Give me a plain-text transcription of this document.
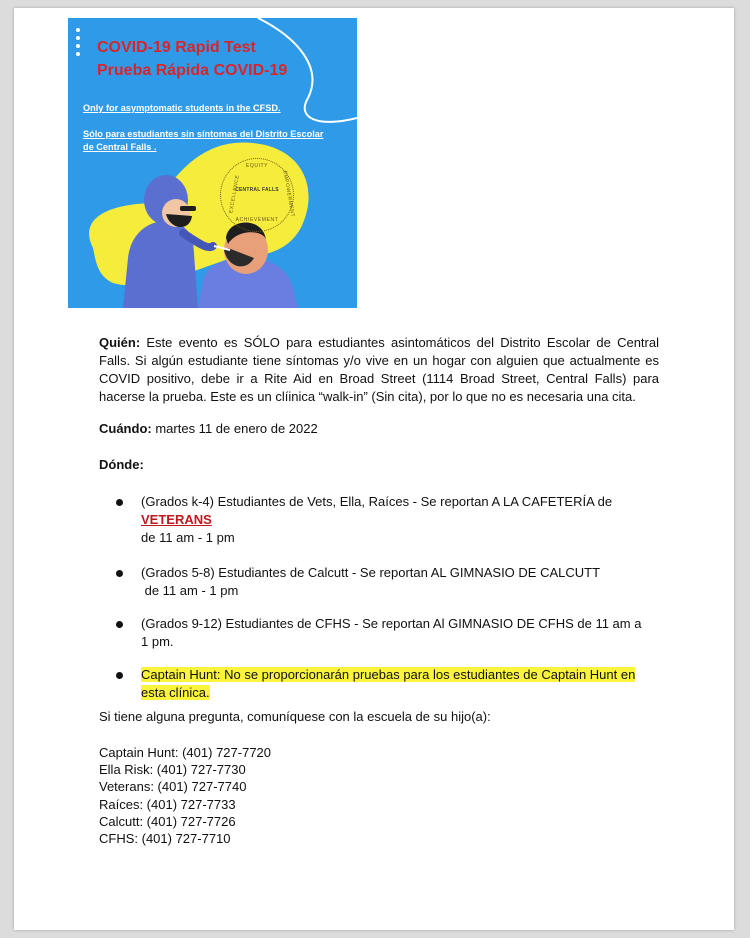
COVID-19 Rapid Test
Prueba Rápida COVID-19
Only for asymptomatic students in the CFSD.
Sólo para estudiantes sin síntomas del Distrito Escolar de Central Falls .
EQUITY
EXCELLENCE	EMPOWERMENT
CENTRAL FALLS
ACHIEVEMENT
Quién: Este evento es SÓLO para estudiantes asintomáticos del Distrito Escolar de Central Falls. Si algún estudiante tiene síntomas y/o vive en un hogar con alguien que actualmente es COVID positivo, debe ir a Rite Aid en Broad Street (1114 Broad Street, Central Falls) para hacerse la prueba. Este es un clíinica “walk-in” (Sin cita), por lo que no es necesaria una cita.
Cuándo: martes 11 de enero de 2022
Dónde:
(Grados k-4) Estudiantes de Vets, Ella, Raíces - Se reportan A LA CAFETERÍA de
VETERANS
de 11 am - 1 pm
(Grados 5-8) Estudiantes de Calcutt - Se reportan AL GIMNASIO DE CALCUTT
de 11 am - 1 pm
(Grados 9-12) Estudiantes de CFHS - Se reportan Al GIMNASIO DE CFHS de 11 am a
1 pm.
Captain Hunt: No se proporcionarán pruebas para los estudiantes de Captain Hunt en
esta clínica.
Si tiene alguna pregunta, comuníquese con la escuela de su hijo(a):
Captain Hunt: (401) 727-7720
Ella Risk: (401) 727-7730
Veterans: (401) 727-7740
Raíces: (401) 727-7733
Calcutt: (401) 727-7726
CFHS: (401) 727-7710
